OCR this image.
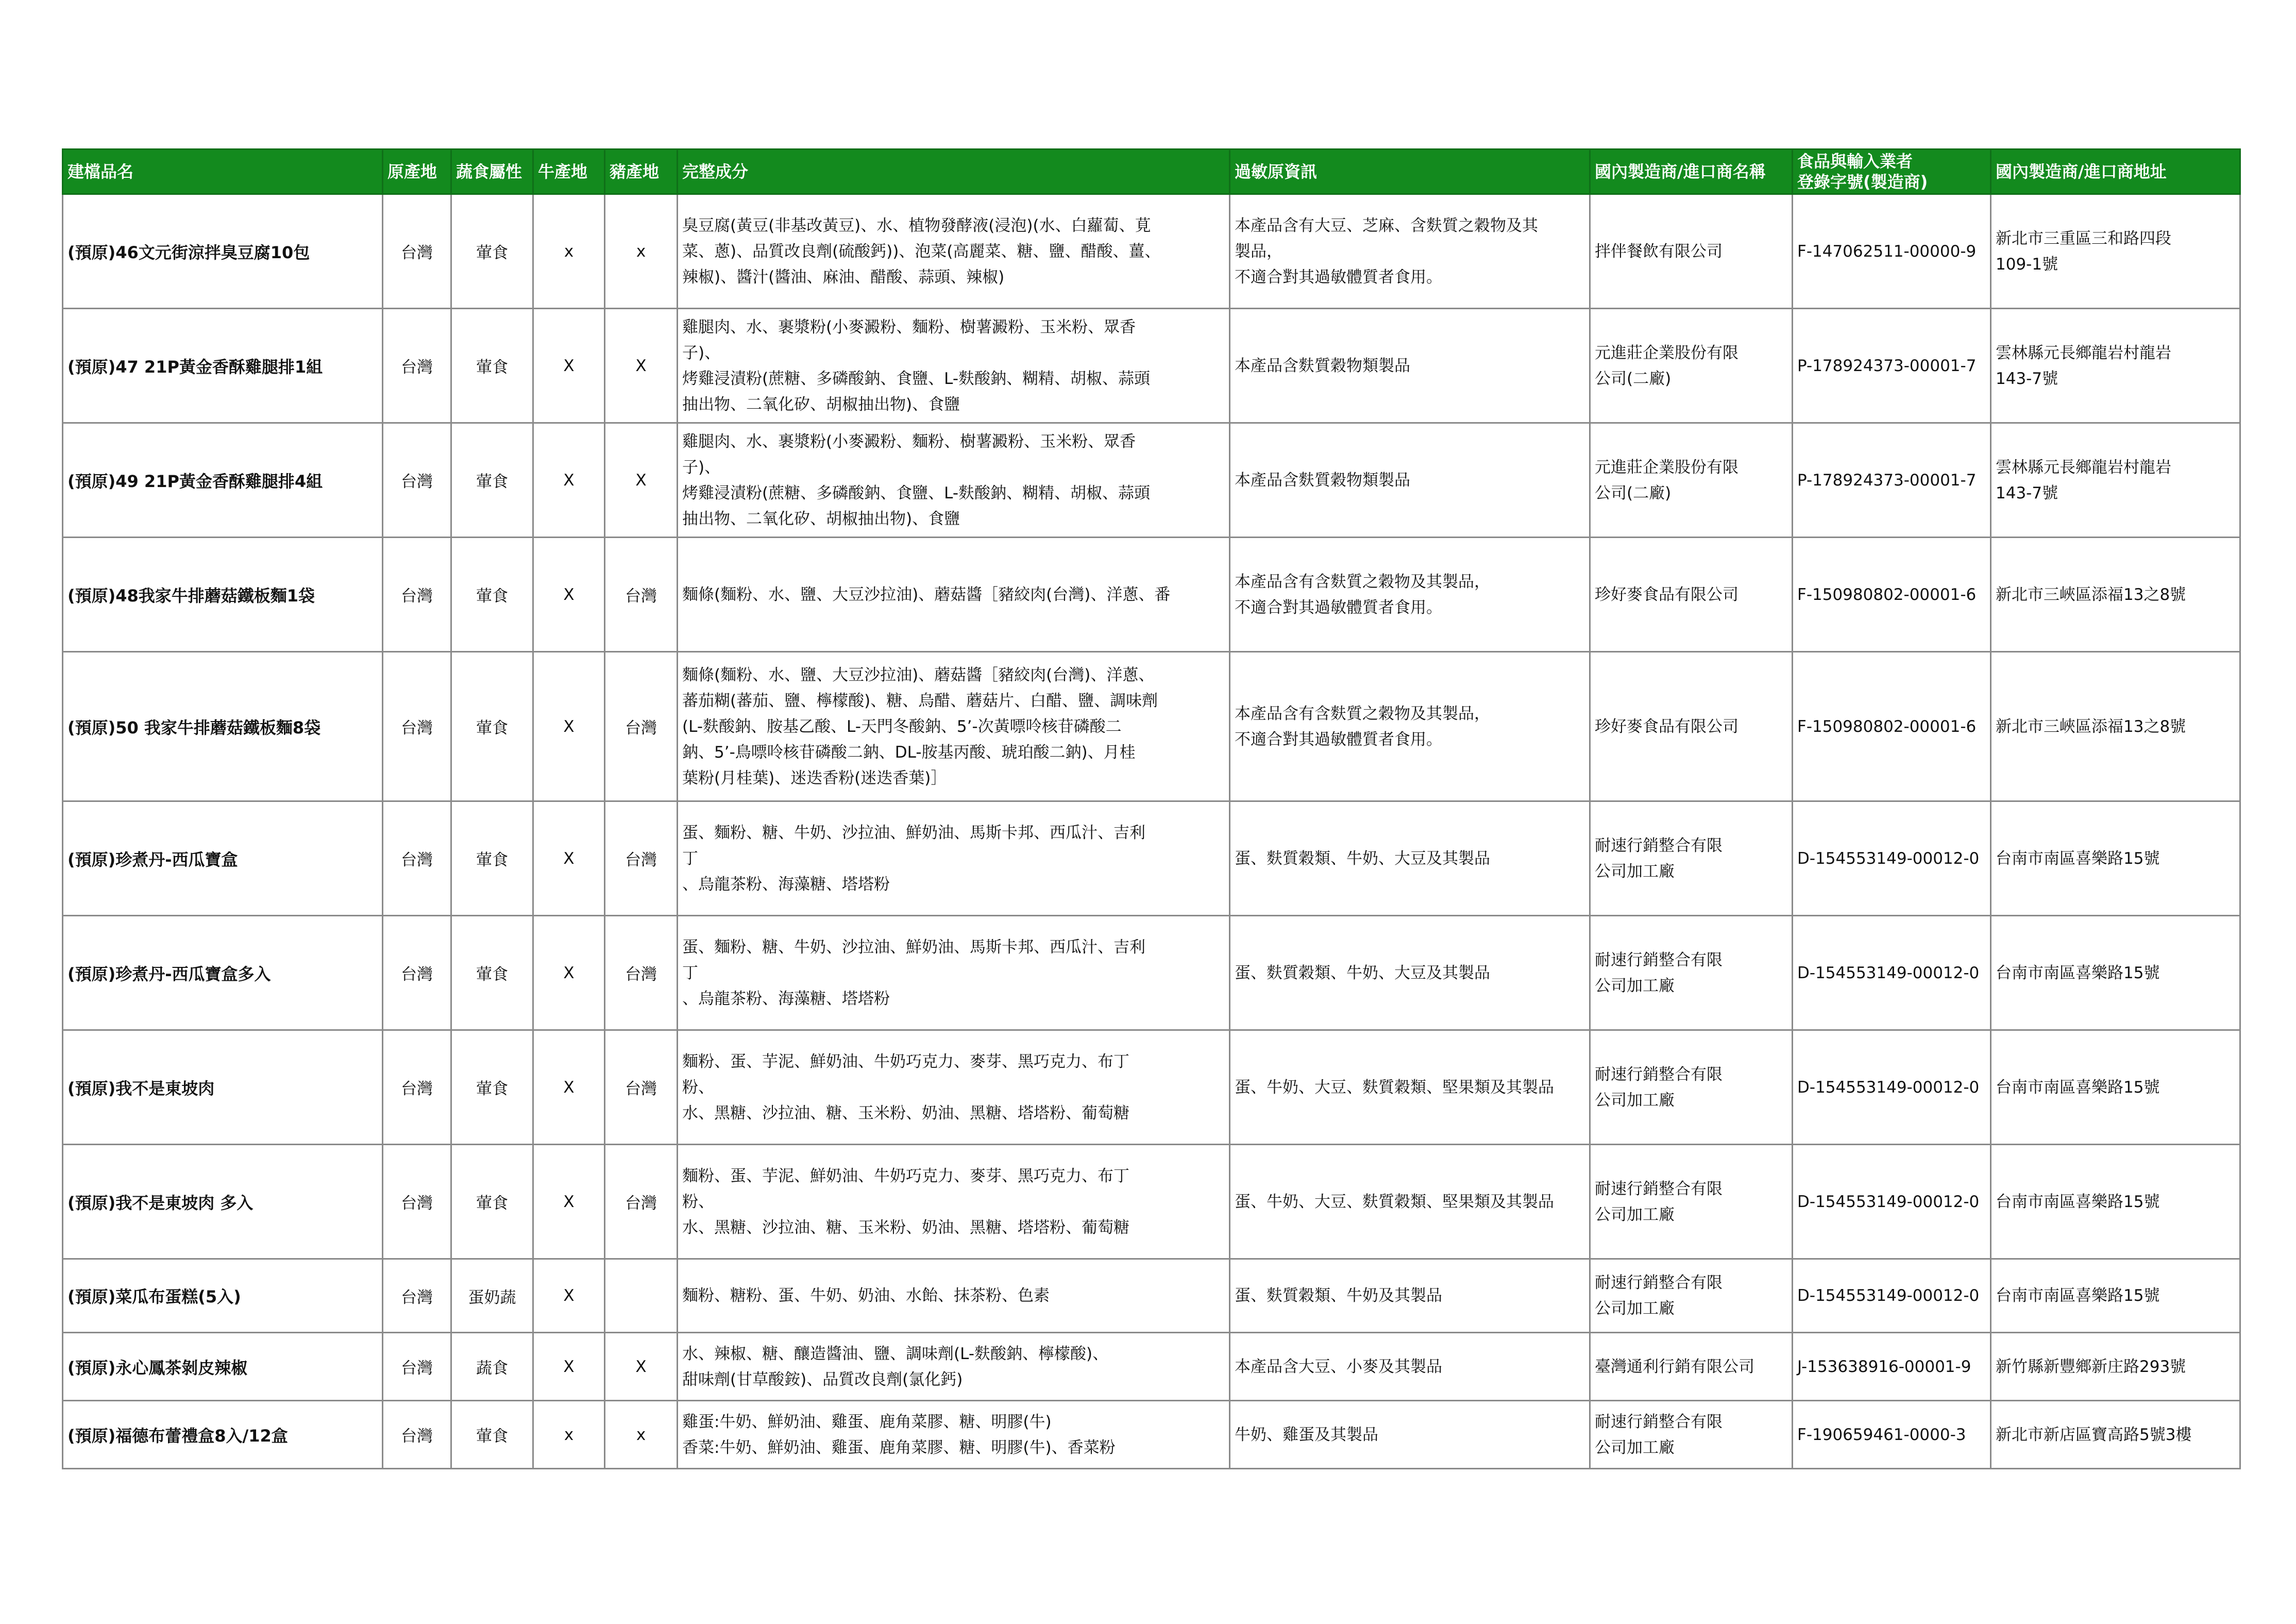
建檔品名	原產地	蔬食屬性	牛產地	豬產地	完整成分	過敏原資訊	國內製造商/進口商名稱	食品與輸入業者
登錄字號(製造商)	國內製造商/進口商地址
(預原)46文元街涼拌臭豆腐10包	台灣	葷食	x	x	臭豆腐(黃豆(非基改黃豆)、水、植物發酵液(浸泡)(水、白蘿蔔、莧
菜、蔥)、品質改良劑(硫酸鈣))、泡菜(高麗菜、糖、鹽、醋酸、薑、
辣椒)、醬汁(醬油、麻油、醋酸、蒜頭、辣椒)	本產品含有大豆、芝麻、含麩質之穀物及其
製品，
不適合對其過敏體質者食用。	拌伴餐飲有限公司	F-147062511-00000-9	新北市三重區三和路四段
109-1號
(預原)47 21P黃金香酥雞腿排1組	台灣	葷食	X	X	雞腿肉、水、裹漿粉(小麥澱粉、麵粉、樹薯澱粉、玉米粉、眾香
子)、
烤雞浸漬粉(蔗糖、多磷酸鈉、食鹽、L-麩酸鈉、糊精、胡椒、蒜頭
抽出物、二氧化矽、胡椒抽出物)、食鹽	本產品含麩質穀物類製品	元進莊企業股份有限
公司(二廠)	P-178924373-00001-7	雲林縣元長鄉龍岩村龍岩
143-7號
(預原)49 21P黃金香酥雞腿排4組	台灣	葷食	X	X	雞腿肉、水、裹漿粉(小麥澱粉、麵粉、樹薯澱粉、玉米粉、眾香
子)、
烤雞浸漬粉(蔗糖、多磷酸鈉、食鹽、L-麩酸鈉、糊精、胡椒、蒜頭
抽出物、二氧化矽、胡椒抽出物)、食鹽	本產品含麩質穀物類製品	元進莊企業股份有限
公司(二廠)	P-178924373-00001-7	雲林縣元長鄉龍岩村龍岩
143-7號
(預原)48我家牛排蘑菇鐵板麵1袋	台灣	葷食	X	台灣	麵條(麵粉、水、鹽、大豆沙拉油)、蘑菇醬［豬絞肉(台灣)、洋蔥、番	本產品含有含麩質之穀物及其製品，
不適合對其過敏體質者食用。	珍好麥食品有限公司	F-150980802-00001-6	新北市三峽區添福13之8號
(預原)50 我家牛排蘑菇鐵板麵8袋	台灣	葷食	X	台灣	麵條(麵粉、水、鹽、大豆沙拉油)、蘑菇醬［豬絞肉(台灣)、洋蔥、
蕃茄糊(蕃茄、鹽、檸檬酸)、糖、烏醋、蘑菇片、白醋、鹽、調味劑
(L-麩酸鈉、胺基乙酸、L-天門冬酸鈉、5’-次黃嘌呤核苷磷酸二
鈉、5’-鳥嘌呤核苷磷酸二鈉、DL-胺基丙酸、琥珀酸二鈉)、月桂
葉粉(月桂葉)、迷迭香粉(迷迭香葉)］	本產品含有含麩質之穀物及其製品，
不適合對其過敏體質者食用。	珍好麥食品有限公司	F-150980802-00001-6	新北市三峽區添福13之8號
(預原)珍煮丹-西瓜寶盒	台灣	葷食	X	台灣	蛋、麵粉、糖、牛奶、沙拉油、鮮奶油、馬斯卡邦、西瓜汁、吉利
丁
、烏龍茶粉、海藻糖、塔塔粉	蛋、麩質穀類、牛奶、大豆及其製品	耐速行銷整合有限
公司加工廠	D-154553149-00012-0	台南市南區喜樂路15號
(預原)珍煮丹-西瓜寶盒多入	台灣	葷食	X	台灣	蛋、麵粉、糖、牛奶、沙拉油、鮮奶油、馬斯卡邦、西瓜汁、吉利
丁
、烏龍茶粉、海藻糖、塔塔粉	蛋、麩質穀類、牛奶、大豆及其製品	耐速行銷整合有限
公司加工廠	D-154553149-00012-0	台南市南區喜樂路15號
(預原)我不是東坡肉	台灣	葷食	X	台灣	麵粉、蛋、芋泥、鮮奶油、牛奶巧克力、麥芽、黑巧克力、布丁
粉、
水、黑糖、沙拉油、糖、玉米粉、奶油、黑糖、塔塔粉、葡萄糖	蛋、牛奶、大豆、麩質穀類、堅果類及其製品	耐速行銷整合有限
公司加工廠	D-154553149-00012-0	台南市南區喜樂路15號
(預原)我不是東坡肉 多入	台灣	葷食	X	台灣	麵粉、蛋、芋泥、鮮奶油、牛奶巧克力、麥芽、黑巧克力、布丁
粉、
水、黑糖、沙拉油、糖、玉米粉、奶油、黑糖、塔塔粉、葡萄糖	蛋、牛奶、大豆、麩質穀類、堅果類及其製品	耐速行銷整合有限
公司加工廠	D-154553149-00012-0	台南市南區喜樂路15號
(預原)菜瓜布蛋糕(5入)	台灣	蛋奶蔬	X		麵粉、糖粉、蛋、牛奶、奶油、水飴、抹茶粉、色素	蛋、麩質穀類、牛奶及其製品	耐速行銷整合有限
公司加工廠	D-154553149-00012-0	台南市南區喜樂路15號
(預原)永心鳳茶剝皮辣椒	台灣	蔬食	X	X	水、辣椒、糖、釀造醬油、鹽、調味劑(L-麩酸鈉、檸檬酸)、
甜味劑(甘草酸銨)、品質改良劑(氯化鈣)	本產品含大豆、小麥及其製品	臺灣通利行銷有限公司	J-153638916-00001-9	新竹縣新豐鄉新庄路293號
(預原)福德布蕾禮盒8入/12盒	台灣	葷食	x	x	雞蛋:牛奶、鮮奶油、雞蛋、鹿角菜膠、糖、明膠(牛)
香菜:牛奶、鮮奶油、雞蛋、鹿角菜膠、糖、明膠(牛)、香菜粉	牛奶、雞蛋及其製品	耐速行銷整合有限
公司加工廠	F-190659461-0000-3	新北市新店區寶高路5號3樓
